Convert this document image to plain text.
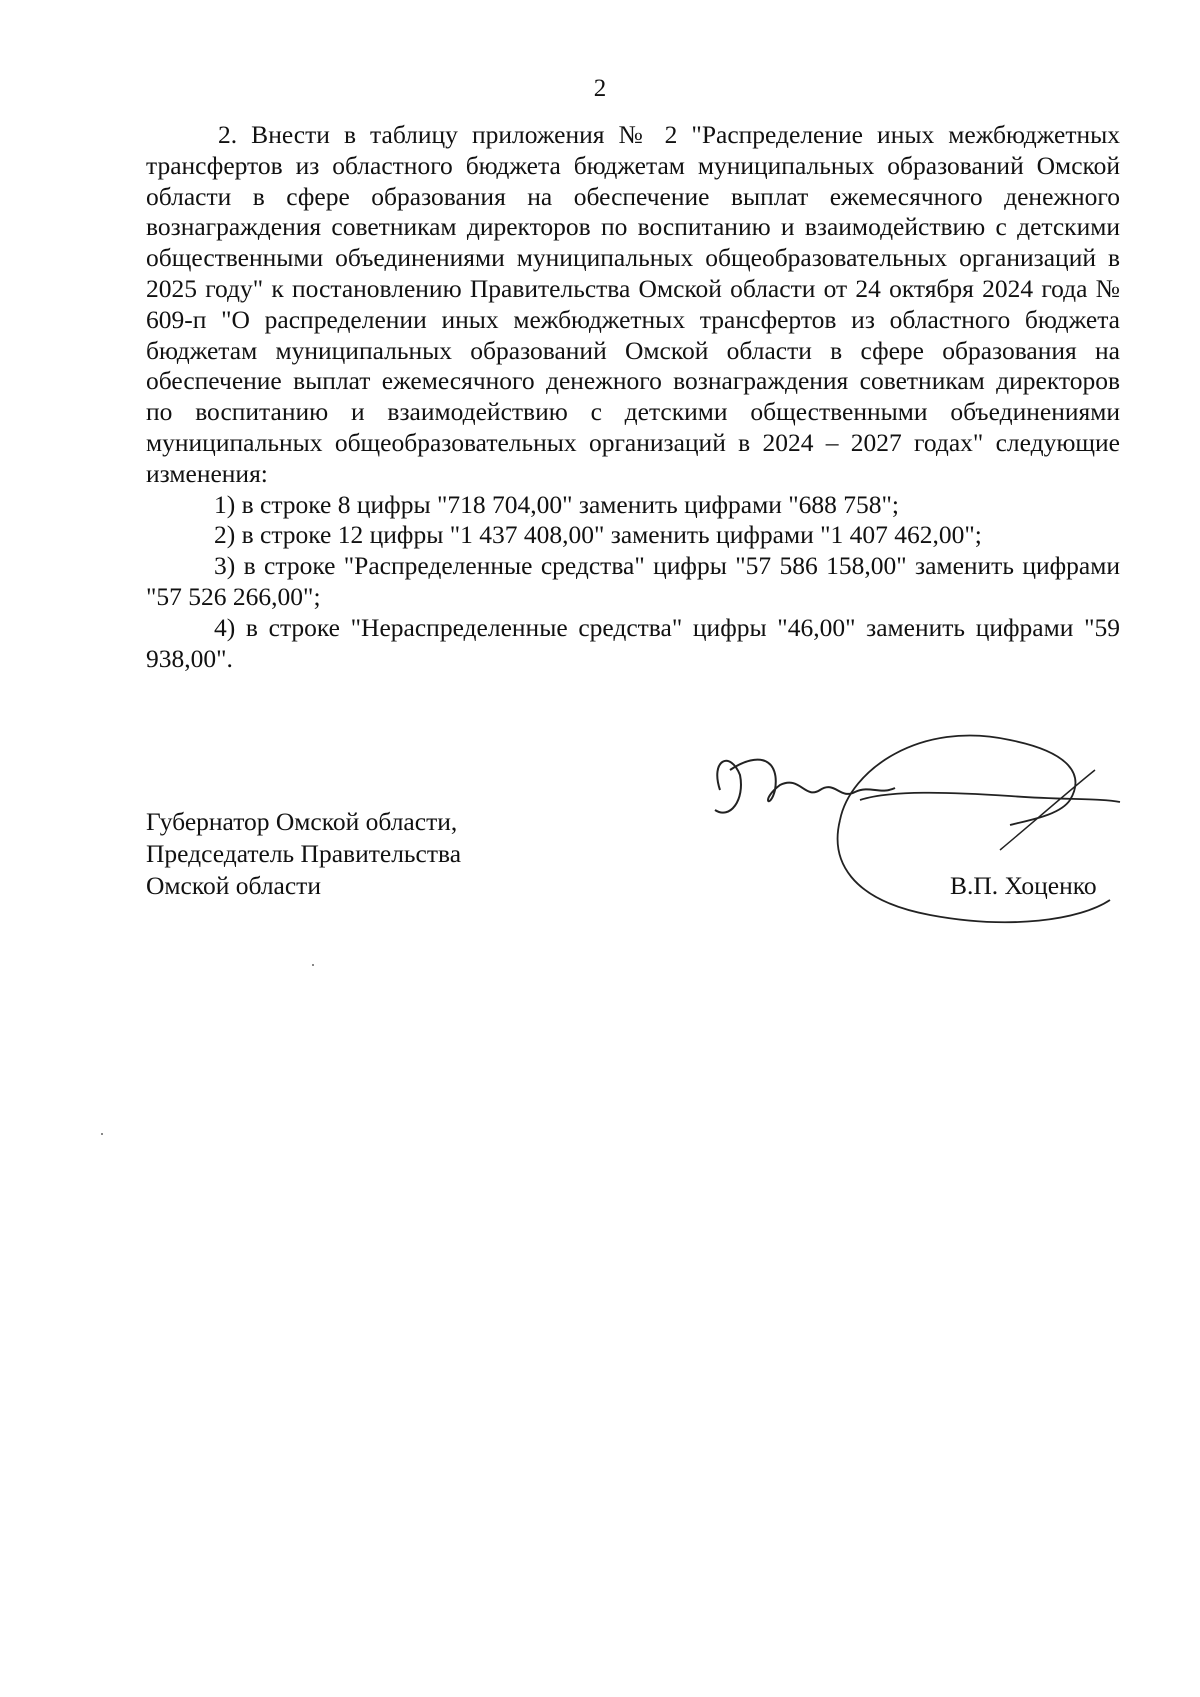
2

2. Внести в таблицу приложения № 2 "Распределение иных межбюджетных трансфертов из областного бюджета бюджетам муниципальных образований Омской области в сфере образования на обеспечение выплат ежемесячного денежного вознаграждения советникам директоров по воспитанию и взаимодействию с детскими общественными объединениями муниципальных общеобразовательных организаций в 2025 году" к постановлению Правительства Омской области от 24 октября 2024 года № 609-п "О распределении иных межбюджетных трансфертов из областного бюджета бюджетам муниципальных образований Омской области в сфере образования на обеспечение выплат ежемесячного денежного вознаграждения советникам директоров по воспитанию и взаимодействию с детскими общественными объединениями муниципальных общеобразовательных организаций в 2024 – 2027 годах" следующие изменения:

1) в строке 8 цифры "718 704,00" заменить цифрами "688 758";

2) в строке 12 цифры "1 437 408,00" заменить цифрами "1 407 462,00";

3) в строке "Распределенные средства" цифры "57 586 158,00" заменить цифрами "57 526 266,00";

4) в строке "Нераспределенные средства" цифры "46,00" заменить цифрами "59 938,00".

Губернатор Омской области,
Председатель Правительства
Омской области	В.П. Хоценко
